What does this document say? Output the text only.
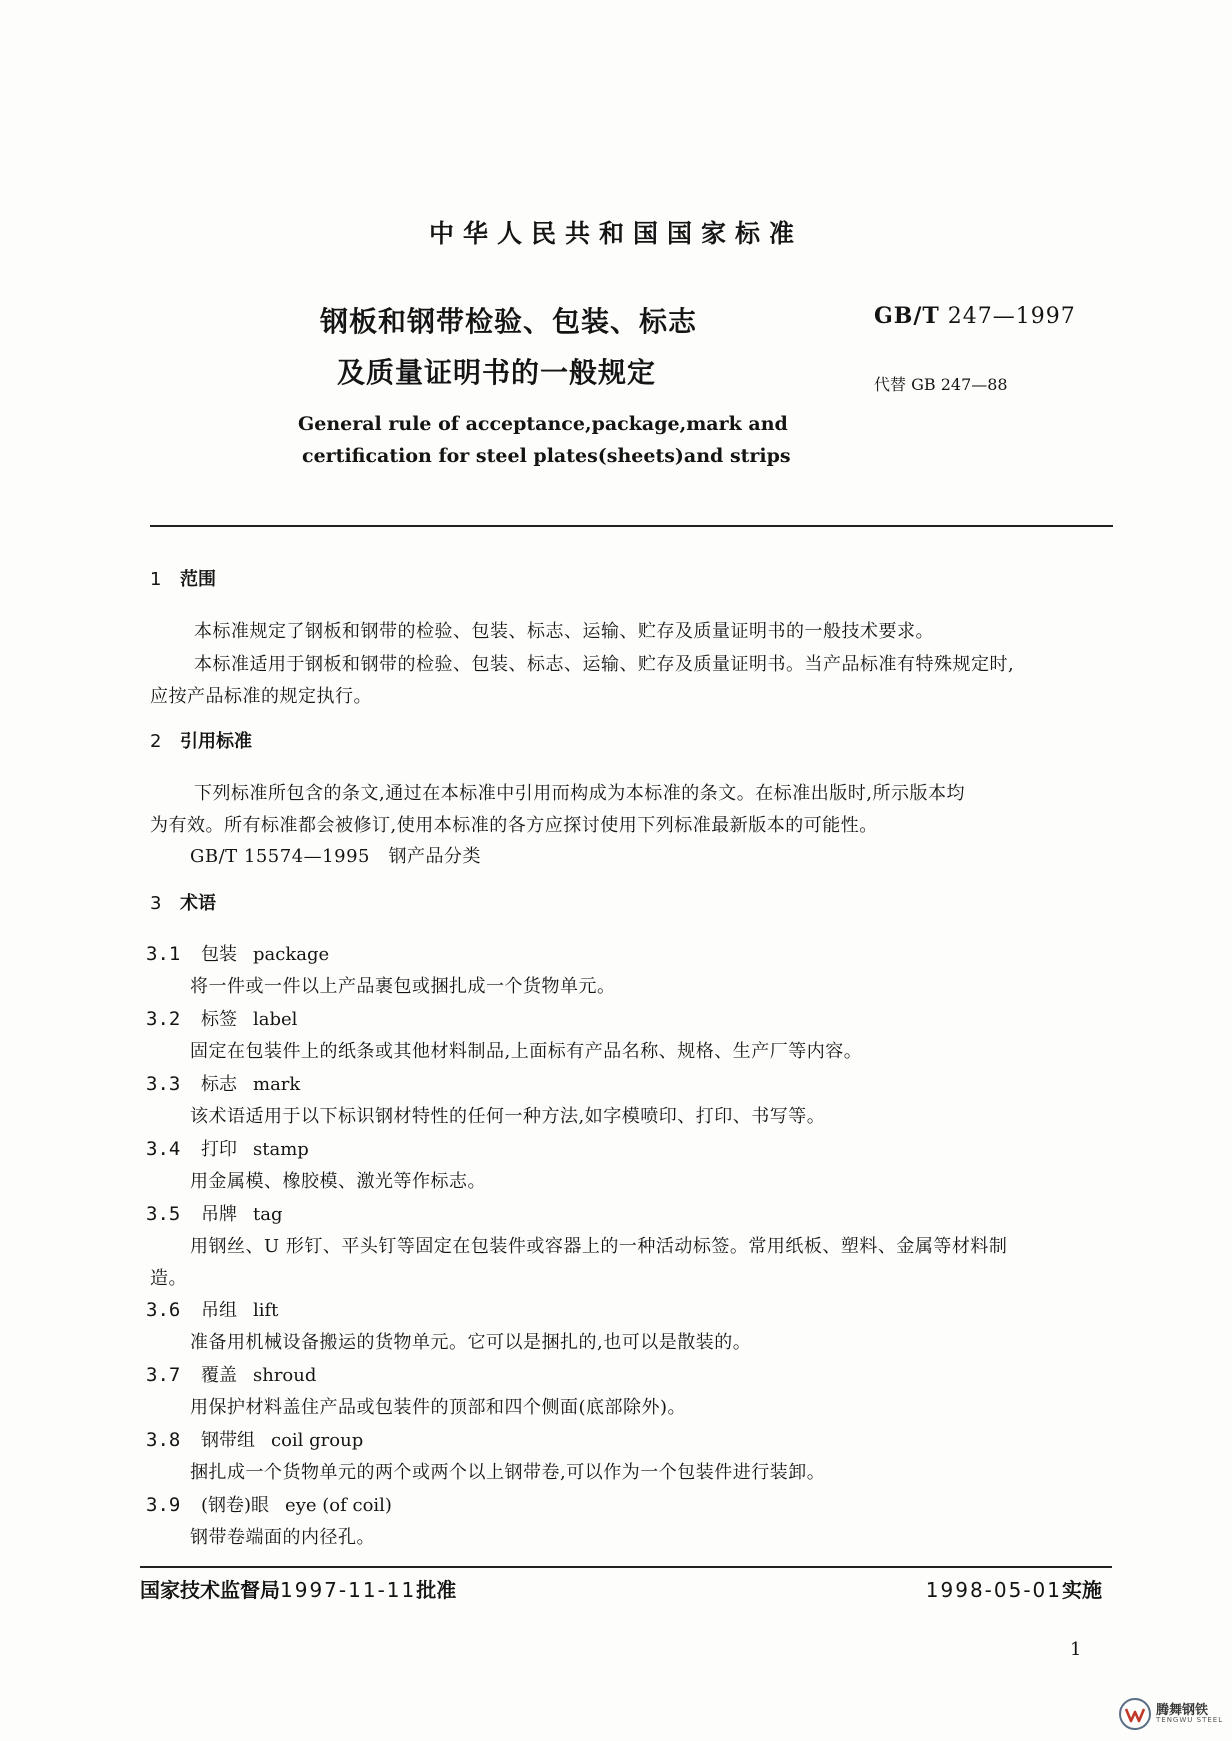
中华人民共和国国家标准
钢板和钢带检验、包装、标志
及质量证明书的一般规定
GB/T 247—1997
代替 GB 247—88
General rule of acceptance,package,mark and
certification for steel plates(sheets)and strips
1 范围
本标准规定了钢板和钢带的检验、包装、标志、运输、贮存及质量证明书的一般技术要求。
本标准适用于钢板和钢带的检验、包装、标志、运输、贮存及质量证明书。当产品标准有特殊规定时,
应按产品标准的规定执行。
2 引用标准
下列标准所包含的条文,通过在本标准中引用而构成为本标准的条文。在标准出版时,所示版本均
为有效。所有标准都会被修订,使用本标准的各方应探讨使用下列标准最新版本的可能性。
GB/T 15574—1995　钢产品分类
3 术语
3.1 包装 package
将一件或一件以上产品裹包或捆扎成一个货物单元。
3.2 标签 label
固定在包装件上的纸条或其他材料制品,上面标有产品名称、规格、生产厂等内容。
3.3 标志 mark
该术语适用于以下标识钢材特性的任何一种方法,如字模喷印、打印、书写等。
3.4 打印 stamp
用金属模、橡胶模、激光等作标志。
3.5 吊牌 tag
用钢丝、U 形钉、平头钉等固定在包装件或容器上的一种活动标签。常用纸板、塑料、金属等材料制
造。
3.6 吊组 lift
准备用机械设备搬运的货物单元。它可以是捆扎的,也可以是散装的。
3.7 覆盖 shroud
用保护材料盖住产品或包装件的顶部和四个侧面(底部除外)。
3.8 钢带组 coil group
捆扎成一个货物单元的两个或两个以上钢带卷,可以作为一个包装件进行装卸。
3.9 (钢卷)眼 eye (of coil)
钢带卷端面的内径孔。
国家技术监督局1997-11-11批准	1998-05-01实施
1
腾舞钢铁
TENGWU STEEL
